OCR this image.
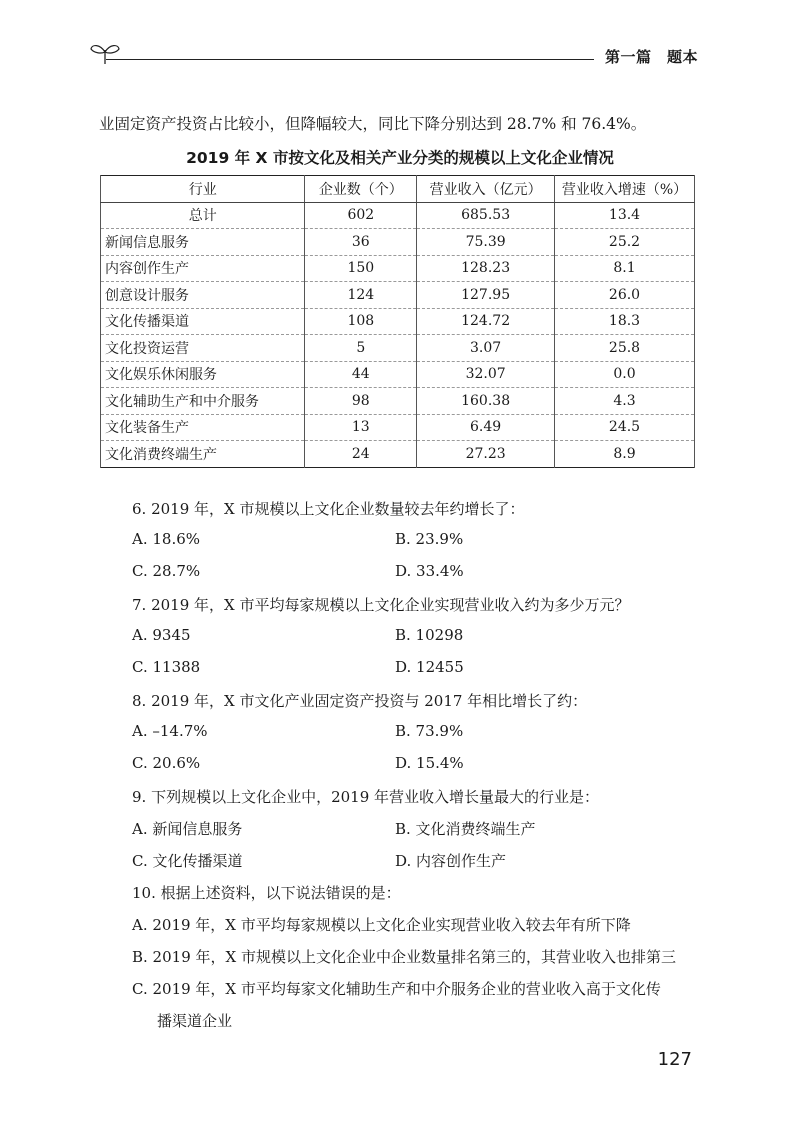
第一篇　题本
业固定资产投资占比较小，但降幅较大，同比下降分别达到 28.7% 和 76.4%。
2019 年 X 市按文化及相关产业分类的规模以上文化企业情况
行业	企业数（个）	营业收入（亿元）	营业收入增速（%）
总计	602	685.53	13.4
新闻信息服务	36	75.39	25.2
内容创作生产	150	128.23	8.1
创意设计服务	124	127.95	26.0
文化传播渠道	108	124.72	18.3
文化投资运营	5	3.07	25.8
文化娱乐休闲服务	44	32.07	0.0
文化辅助生产和中介服务	98	160.38	4.3
文化装备生产	13	6.49	24.5
文化消费终端生产	24	27.23	8.9
6. 2019 年，X 市规模以上文化企业数量较去年约增长了：
A. 18.6%	B. 23.9%
C. 28.7%	D. 33.4%
7. 2019 年，X 市平均每家规模以上文化企业实现营业收入约为多少万元？
A. 9345	B. 10298
C. 11388	D. 12455
8. 2019 年，X 市文化产业固定资产投资与 2017 年相比增长了约：
A. –14.7%	B. 73.9%
C. 20.6%	D. 15.4%
9. 下列规模以上文化企业中，2019 年营业收入增长量最大的行业是：
A. 新闻信息服务	B. 文化消费终端生产
C. 文化传播渠道	D. 内容创作生产
10. 根据上述资料，以下说法错误的是：
A. 2019 年，X 市平均每家规模以上文化企业实现营业收入较去年有所下降
B. 2019 年，X 市规模以上文化企业中企业数量排名第三的，其营业收入也排第三
C. 2019 年，X 市平均每家文化辅助生产和中介服务企业的营业收入高于文化传
播渠道企业
127
